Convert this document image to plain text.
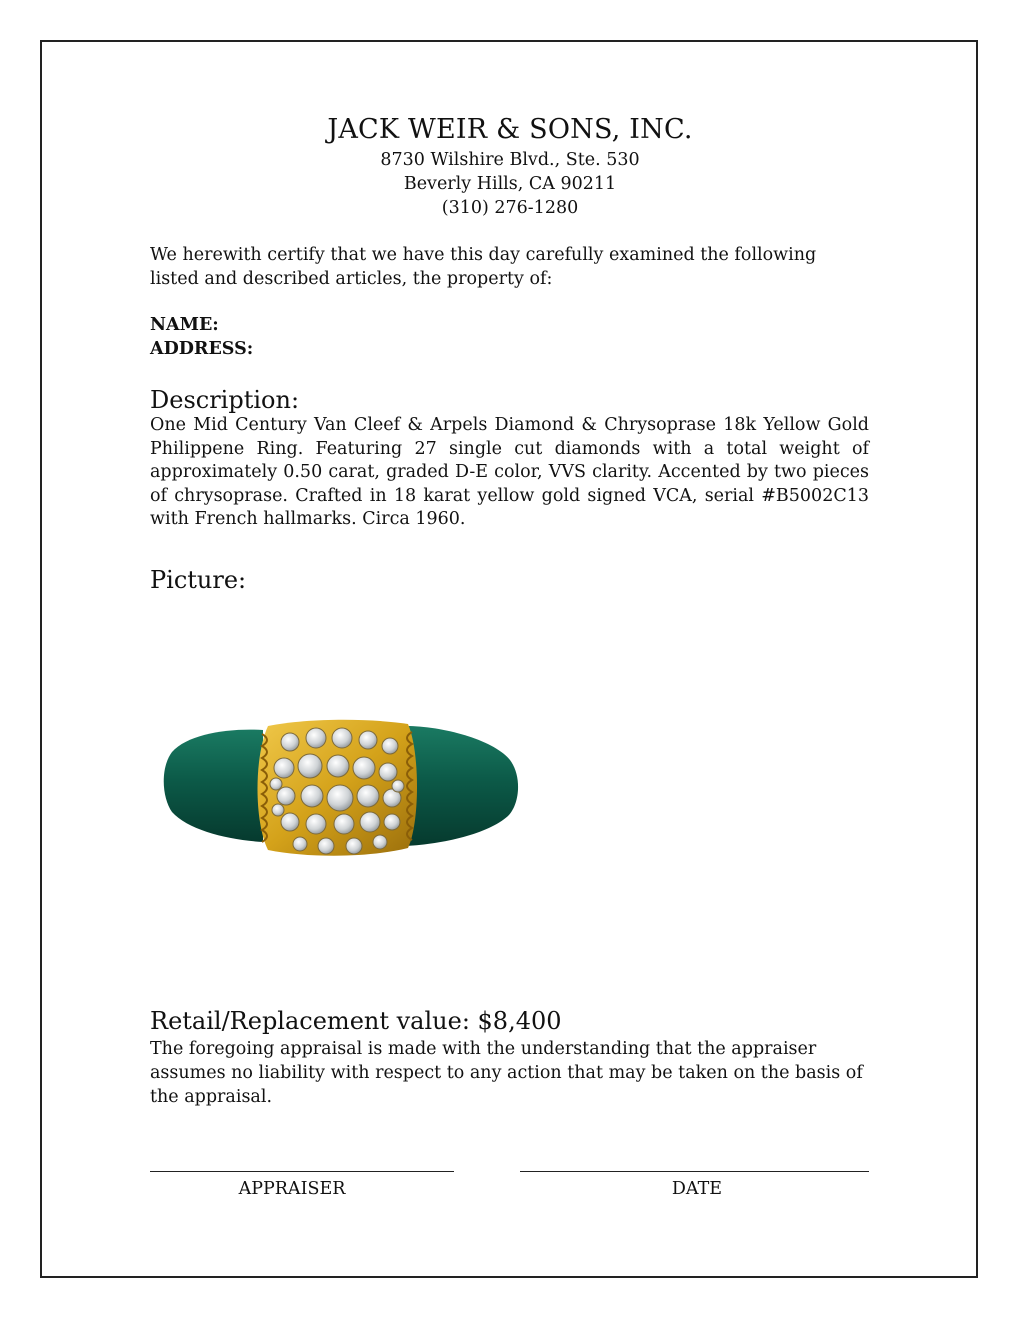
JACK WEIR & SONS, INC.
8730 Wilshire Blvd., Ste. 530
Beverly Hills, CA 90211
(310) 276-1280
We herewith certify that we have this day carefully examined the following listed and described articles, the property of:
NAME:
ADDRESS:
Description:
One Mid Century Van Cleef & Arpels Diamond & Chrysoprase 18k Yellow Gold Philippene Ring. Featuring 27 single cut diamonds with a total weight of approximately 0.50 carat, graded D-E color, VVS clarity. Accented by two pieces of chrysoprase. Crafted in 18 karat yellow gold signed VCA, serial #B5002C13 with French hallmarks. Circa 1960.
Picture:
Retail/Replacement value: $8,400
The foregoing appraisal is made with the understanding that the appraiser assumes no liability with respect to any action that may be taken on the basis of the appraisal.
APPRAISER	DATE
